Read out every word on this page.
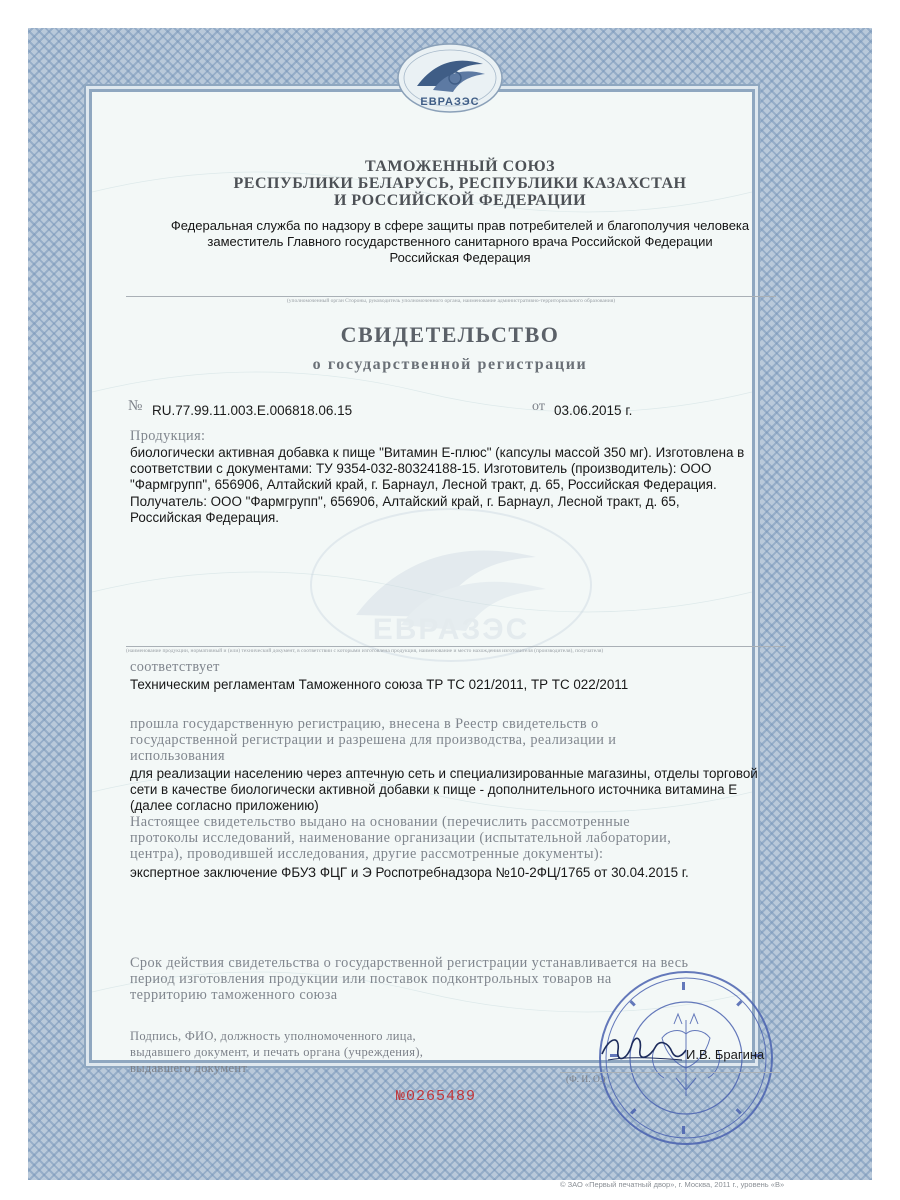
ЕВРАЗЭС
ЕВРАЗЭС
ТАМОЖЕННЫЙ СОЮЗ
РЕСПУБЛИКИ БЕЛАРУСЬ, РЕСПУБЛИКИ КАЗАХСТАН
И РОССИЙСКОЙ ФЕДЕРАЦИИ
Федеральная служба по надзору в сфере защиты прав потребителей и благополучия человека
заместитель Главного государственного санитарного врача Российской Федерации
Российская Федерация
(уполномоченный орган Стороны, руководитель уполномоченного органа, наименование административно-территориального образования)
СВИДЕТЕЛЬСТВО
о государственной регистрации
№ RU.77.99.11.003.E.006818.06.15	от 03.06.2015 г.
Продукция:
биологически активная добавка к пище "Витамин Е-плюс" (капсулы массой 350 мг). Изготовлена в
соответствии с документами: ТУ 9354-032-80324188-15. Изготовитель (производитель): ООО
"Фармгрупп", 656906, Алтайский край, г. Барнаул, Лесной тракт, д. 65, Российская Федерация.
Получатель: ООО "Фармгрупп", 656906, Алтайский край, г. Барнаул, Лесной тракт, д. 65,
Российская Федерация.
(наименование продукции, нормативный и (или) технический документ, в соответствии с которыми изготовлена продукция, наименование и место нахождения изготовителя (производителя), получателя)
соответствует
Техническим регламентам Таможенного союза ТР ТС 021/2011, ТР ТС 022/2011
прошла государственную регистрацию, внесена в Реестр свидетельств о
государственной регистрации и разрешена для производства, реализации и
использования
для реализации населению через аптечную сеть и специализированные магазины, отделы торговой
сети в качестве биологически активной добавки к пище - дополнительного источника витамина Е
(далее согласно приложению)
Настоящее свидетельство выдано на основании (перечислить рассмотренные
протоколы исследований, наименование организации (испытательной лаборатории,
центра), проводившей исследования, другие рассмотренные документы):
экспертное заключение ФБУЗ ФЦГ и Э Роспотребнадзора №10-2ФЦ/1765 от 30.04.2015 г.
Срок действия свидетельства о государственной регистрации устанавливается на весь
период изготовления продукции или поставок подконтрольных товаров на
территорию таможенного союза
Подпись, ФИО, должность уполномоченного лица,
выдавшего документ, и печать органа (учреждения),
выдавшего документ
И.В. Брагина
(Ф. И. О.)
№0265489
© ЗАО «Первый печатный двор», г. Москва, 2011 г., уровень «В»
